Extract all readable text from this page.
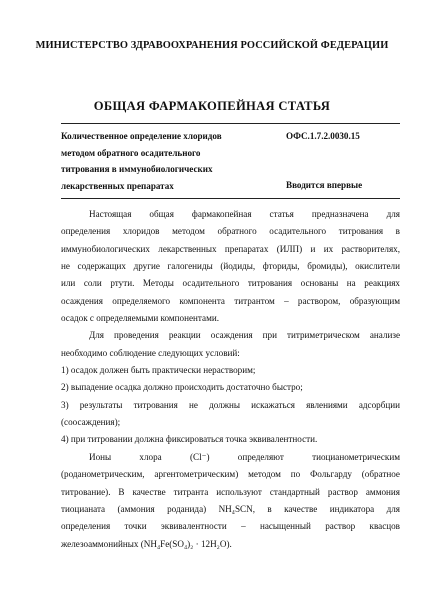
МИНИСТЕРСТВО ЗДРАВООХРАНЕНИЯ РОССИЙСКОЙ ФЕДЕРАЦИИ
ОБЩАЯ ФАРМАКОПЕЙНАЯ СТАТЬЯ
Количественное определение хлоридов
методом обратного осадительного
титрования в иммунобиологических
лекарственных препаратах
ОФС.1.7.2.0030.15
Вводится впервые
Настоящая общая фармакопейная статья предназначена для
определения хлоридов методом обратного осадительного титрования в
иммунобиологических лекарственных препаратах (ИЛП) и их растворителях,
не содержащих другие галогениды (йодиды, фториды, бромиды), окислители
или соли ртути. Методы осадительного титрования основаны на реакциях
осаждения определяемого компонента титрантом – раствором, образующим
осадок с определяемыми компонентами.
Для проведения реакции осаждения при титриметрическом анализе
необходимо соблюдение следующих условий:
1) осадок должен быть практически нерастворим;
2) выпадение осадка должно происходить достаточно быстро;
3) результаты титрования не должны искажаться явлениями адсорбции
(соосаждения);
4) при титровании должна фиксироваться точка эквивалентности.
Ионы хлора (Cl⁻) определяют тиоцианометрическим
(роданометрическим, аргентометрическим) методом по Фольгарду (обратное
титрование). В качестве титранта используют стандартный раствор аммония
тиоцианата (аммония роданида) NH₄SCN, в качестве индикатора для
определения точки эквивалентности – насыщенный раствор квасцов
железоаммонийных (NH₄Fe(SO₄)₂ · 12H₂O).
